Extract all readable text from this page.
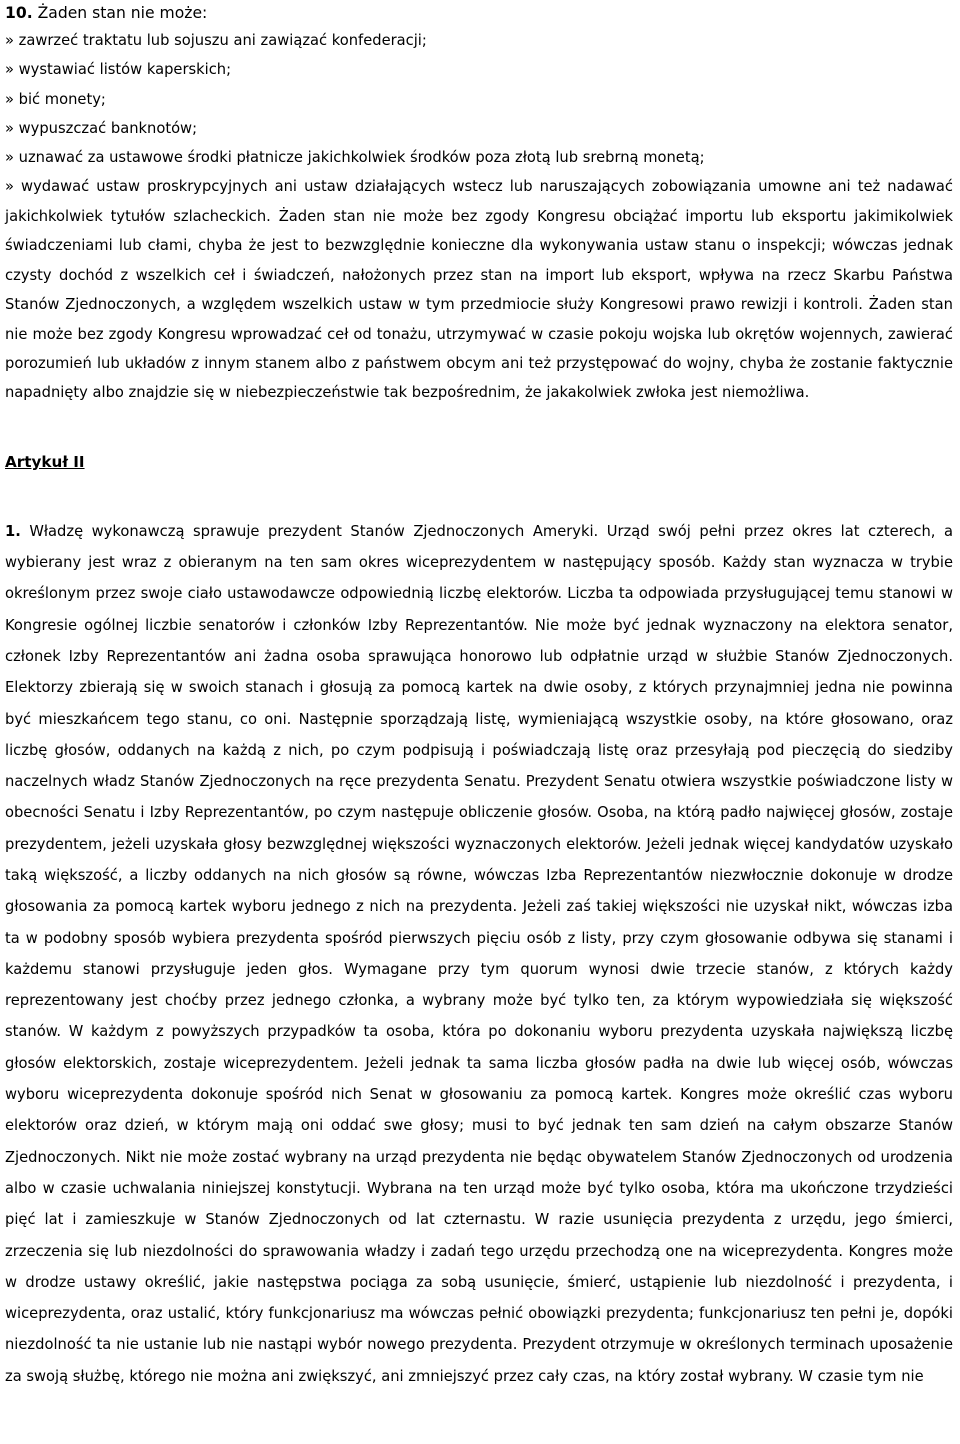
10. Żaden stan nie może:

» zawrzeć traktatu lub sojuszu ani zawiązać konfederacji;
» wystawiać listów kaperskich;
» bić monety;
» wypuszczać banknotów;
» uznawać za ustawowe środki płatnicze jakichkolwiek środków poza złotą lub srebrną monetą;

» wydawać ustaw proskrypcyjnych ani ustaw działających wstecz lub naruszających zobowiązania umowne ani też nadawać jakichkolwiek tytułów szlacheckich. Żaden stan nie może bez zgody Kongresu obciążać importu lub eksportu jakimikolwiek świadczeniami lub cłami, chyba że jest to bezwzględnie konieczne dla wykonywania ustaw stanu o inspekcji; wówczas jednak czysty dochód z wszelkich ceł i świadczeń, nałożonych przez stan na import lub eksport, wpływa na rzecz Skarbu Państwa Stanów Zjednoczonych, a względem wszelkich ustaw w tym przedmiocie służy Kongresowi prawo rewizji i kontroli. Żaden stan nie może bez zgody Kongresu wprowadzać ceł od tonażu, utrzymywać w czasie pokoju wojska lub okrętów wojennych, zawierać porozumień lub układów z innym stanem albo z państwem obcym ani też przystępować do wojny, chyba że zostanie faktycznie napadnięty albo znajdzie się w niebezpieczeństwie tak bezpośrednim, że jakakolwiek zwłoka jest niemożliwa.

Artykuł II

1. Władzę wykonawczą sprawuje prezydent Stanów Zjednoczonych Ameryki. Urząd swój pełni przez okres lat czterech, a wybierany jest wraz z obieranym na ten sam okres wiceprezydentem w następujący sposób. Każdy stan wyznacza w trybie określonym przez swoje ciało ustawodawcze odpowiednią liczbę elektorów. Liczba ta odpowiada przysługującej temu stanowi w Kongresie ogólnej liczbie senatorów i członków Izby Reprezentantów. Nie może być jednak wyznaczony na elektora senator, członek Izby Reprezentantów ani żadna osoba sprawująca honorowo lub odpłatnie urząd w służbie Stanów Zjednoczonych. Elektorzy zbierają się w swoich stanach i głosują za pomocą kartek na dwie osoby, z których przynajmniej jedna nie powinna być mieszkańcem tego stanu, co oni. Następnie sporządzają listę, wymieniającą wszystkie osoby, na które głosowano, oraz liczbę głosów, oddanych na każdą z nich, po czym podpisują i poświadczają listę oraz przesyłają pod pieczęcią do siedziby naczelnych władz Stanów Zjednoczonych na ręce prezydenta Senatu. Prezydent Senatu otwiera wszystkie poświadczone listy w obecności Senatu i Izby Reprezentantów, po czym następuje obliczenie głosów. Osoba, na którą padło najwięcej głosów, zostaje prezydentem, jeżeli uzyskała głosy bezwzględnej większości wyznaczonych elektorów. Jeżeli jednak więcej kandydatów uzyskało taką większość, a liczby oddanych na nich głosów są równe, wówczas Izba Reprezentantów niezwłocznie dokonuje w drodze głosowania za pomocą kartek wyboru jednego z nich na prezydenta. Jeżeli zaś takiej większości nie uzyskał nikt, wówczas izba ta w podobny sposób wybiera prezydenta spośród pierwszych pięciu osób z listy, przy czym głosowanie odbywa się stanami i każdemu stanowi przysługuje jeden głos. Wymagane przy tym quorum wynosi dwie trzecie stanów, z których każdy reprezentowany jest choćby przez jednego członka, a wybrany może być tylko ten, za którym wypowiedziała się większość stanów. W każdym z powyższych przypadków ta osoba, która po dokonaniu wyboru prezydenta uzyskała największą liczbę głosów elektorskich, zostaje wiceprezydentem. Jeżeli jednak ta sama liczba głosów padła na dwie lub więcej osób, wówczas wyboru wiceprezydenta dokonuje spośród nich Senat w głosowaniu za pomocą kartek. Kongres może określić czas wyboru elektorów oraz dzień, w którym mają oni oddać swe głosy; musi to być jednak ten sam dzień na całym obszarze Stanów Zjednoczonych. Nikt nie może zostać wybrany na urząd prezydenta nie będąc obywatelem Stanów Zjednoczonych od urodzenia albo w czasie uchwalania niniejszej konstytucji. Wybrana na ten urząd może być tylko osoba, która ma ukończone trzydzieści pięć lat i zamieszkuje w Stanów Zjednoczonych od lat czternastu. W razie usunięcia prezydenta z urzędu, jego śmierci, zrzeczenia się lub niezdolności do sprawowania władzy i zadań tego urzędu przechodzą one na wiceprezydenta. Kongres może w drodze ustawy określić, jakie następstwa pociąga za sobą usunięcie, śmierć, ustąpienie lub niezdolność i prezydenta, i wiceprezydenta, oraz ustalić, który funkcjonariusz ma wówczas pełnić obowiązki prezydenta; funkcjonariusz ten pełni je, dopóki niezdolność ta nie ustanie lub nie nastąpi wybór nowego prezydenta. Prezydent otrzymuje w określonych terminach uposażenie za swoją służbę, którego nie można ani zwiększyć, ani zmniejszyć przez cały czas, na który został wybrany. W czasie tym nie
